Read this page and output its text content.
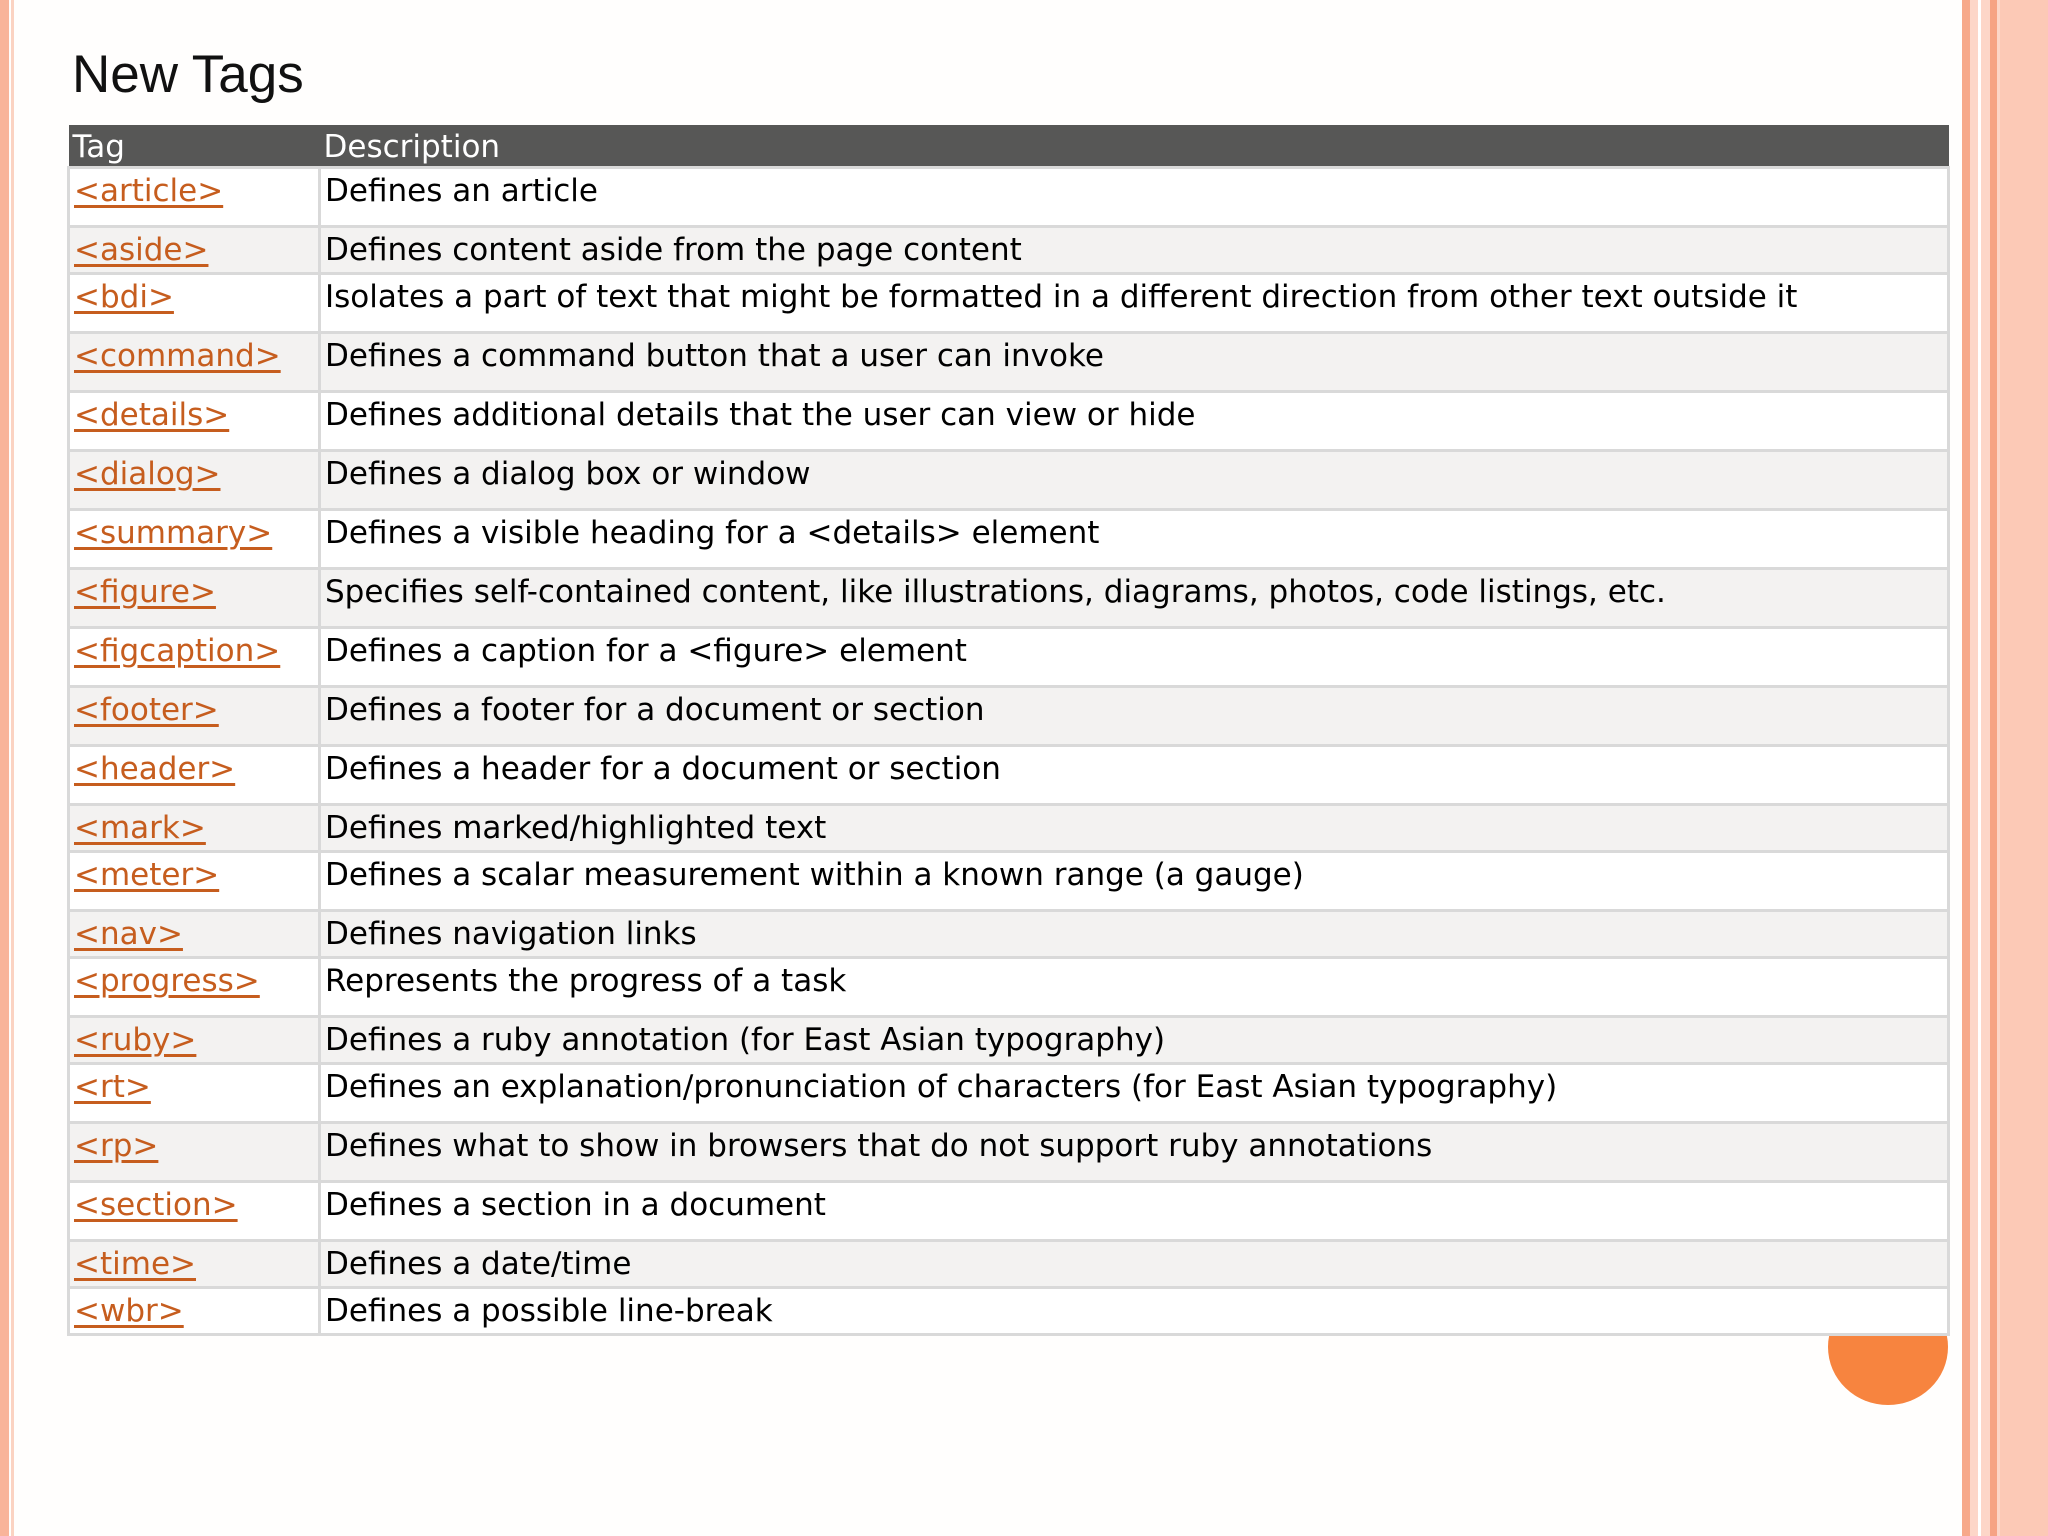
New Tags
Tag	Description
<article>	Defines an article
<aside>	Defines content aside from the page content
<bdi>	Isolates a part of text that might be formatted in a different direction from other text outside it
<command>	Defines a command button that a user can invoke
<details>	Defines additional details that the user can view or hide
<dialog>	Defines a dialog box or window
<summary>	Defines a visible heading for a <details> element
<figure>	Specifies self-contained content, like illustrations, diagrams, photos, code listings, etc.
<figcaption>	Defines a caption for a <figure> element
<footer>	Defines a footer for a document or section
<header>	Defines a header for a document or section
<mark>	Defines marked/highlighted text
<meter>	Defines a scalar measurement within a known range (a gauge)
<nav>	Defines navigation links
<progress>	Represents the progress of a task
<ruby>	Defines a ruby annotation (for East Asian typography)
<rt>	Defines an explanation/pronunciation of characters (for East Asian typography)
<rp>	Defines what to show in browsers that do not support ruby annotations
<section>	Defines a section in a document
<time>	Defines a date/time
<wbr>	Defines a possible line-break
